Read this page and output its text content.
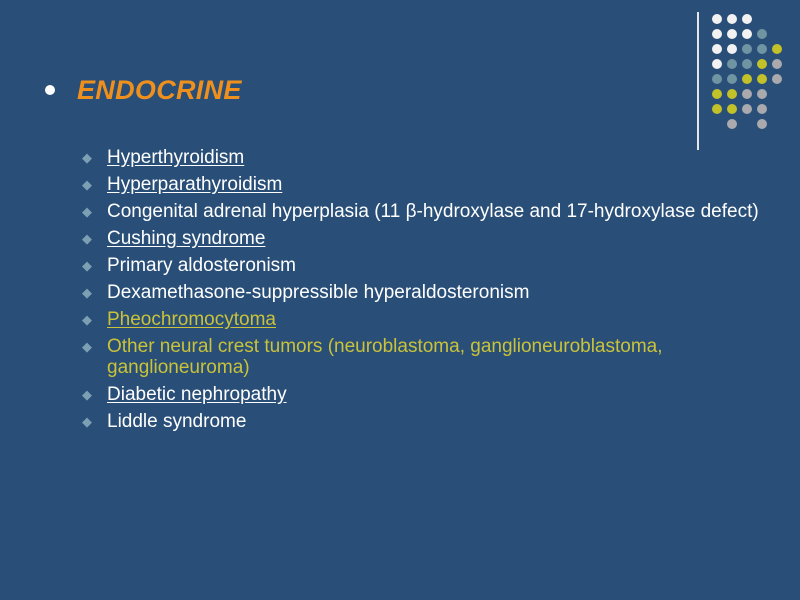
ENDOCRINE
◆ Hyperthyroidism
◆ Hyperparathyroidism
◆ Congenital adrenal hyperplasia (11 β-hydroxylase and 17-hydroxylase defect)
◆ Cushing syndrome
◆ Primary aldosteronism
◆ Dexamethasone-suppressible hyperaldosteronism
◆ Pheochromocytoma
◆ Other neural crest tumors (neuroblastoma, ganglioneuroblastoma, ganglioneuroma)
◆ Diabetic nephropathy
◆ Liddle syndrome
